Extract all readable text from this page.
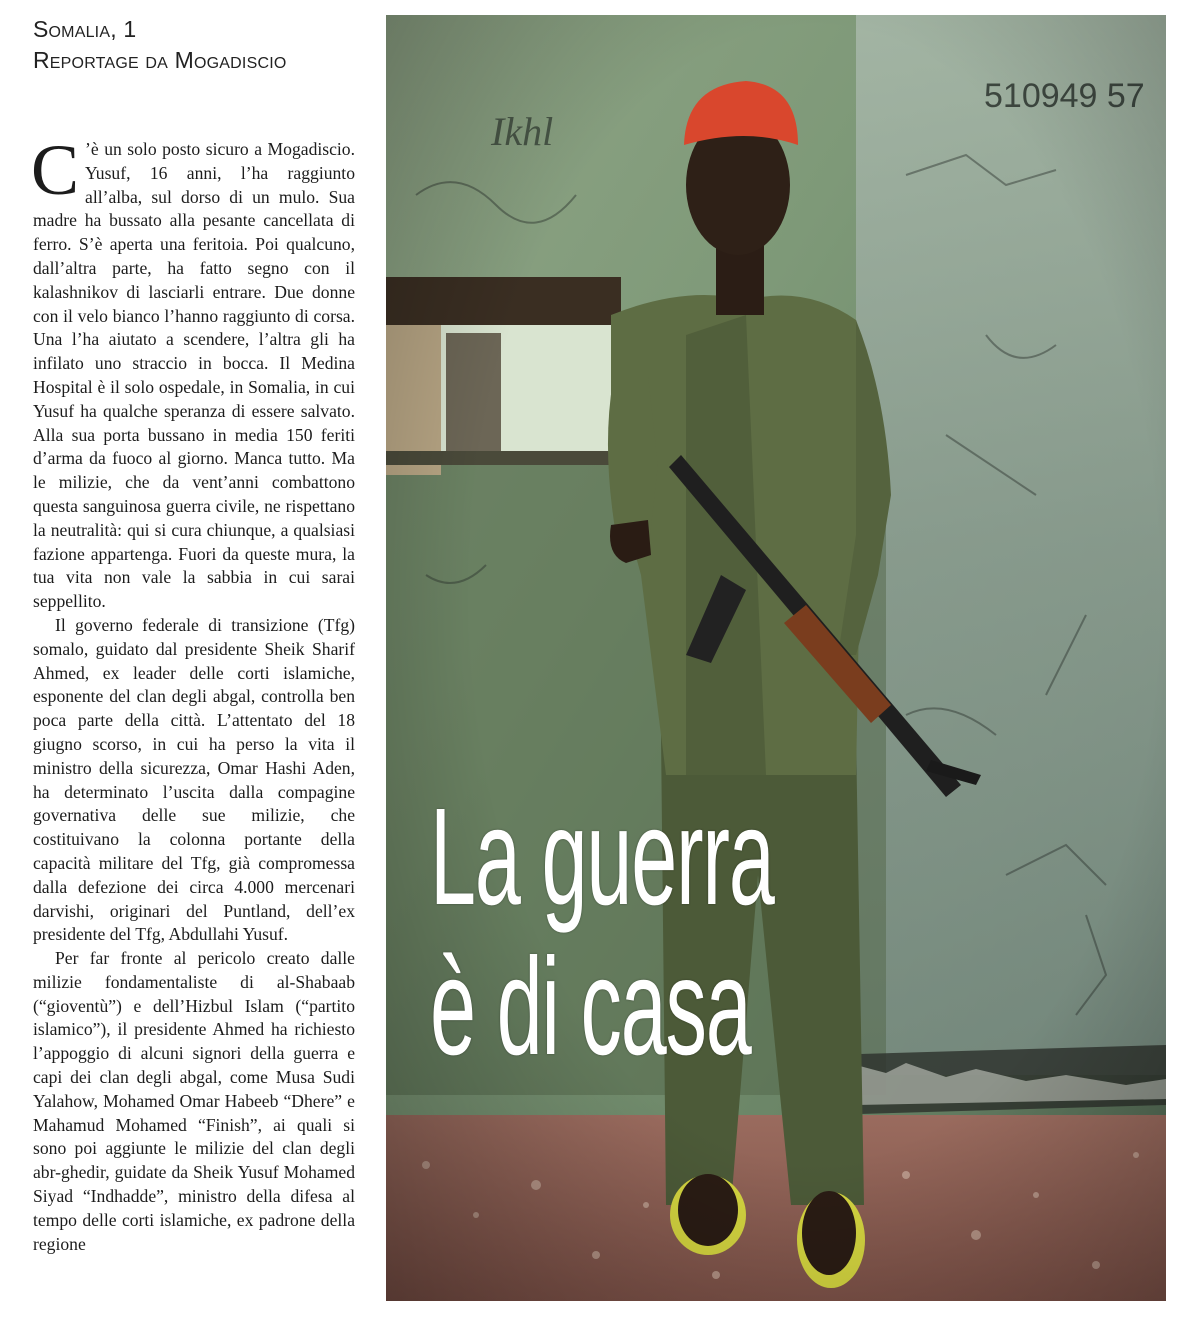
Somalia, 1
Reportage da Mogadiscio

C ’è un solo posto sicuro a Mogadiscio. Yusuf, 16 anni, l’ha raggiunto all’alba, sul dorso di un mulo. Sua madre ha bussato alla pesante cancellata di ferro. S’è aperta una feritoia. Poi qualcuno, dall’altra parte, ha fatto segno con il kalashnikov di lasciarli entrare. Due donne con il velo bianco l’hanno raggiunto di corsa. Una l’ha aiutato a scendere, l’altra gli ha infilato uno straccio in bocca. Il Medina Hospital è il solo ospedale, in Somalia, in cui Yusuf ha qualche speranza di essere salvato. Alla sua porta bussano in media 150 feriti d’arma da fuoco al giorno. Manca tutto. Ma le milizie, che da vent’anni combattono questa sanguinosa guerra civile, ne rispettano la neutralità: qui si cura chiunque, a qualsiasi fazione appartenga. Fuori da queste mura, la tua vita non vale la sabbia in cui sarai seppellito.

Il governo federale di transizione (Tfg) somalo, guidato dal presidente Sheik Sharif Ahmed, ex leader delle corti islamiche, esponente del clan degli abgal, controlla ben poca parte della città. L’attentato del 18 giugno scorso, in cui ha perso la vita il ministro della sicurezza, Omar Hashi Aden, ha determinato l’uscita dalla compagine governativa delle sue milizie, che costituivano la colonna portante della capacità militare del Tfg, già compromessa dalla defezione dei circa 4.000 mercenari darvishi, originari del Puntland, dell’ex presidente del Tfg, Abdullahi Yusuf.

Per far fronte al pericolo creato dalle milizie fondamentaliste di al-Shabaab (“gioventù”) e dell’Hizbul Islam (“partito islamico”), il presidente Ahmed ha richiesto l’appoggio di alcuni signori della guerra e capi dei clan degli abgal, come Musa Sudi Yalahow, Mohamed Omar Habeeb “Dhere” e Mahamud Mohamed “Finish”, ai quali si sono poi aggiunte le milizie del clan degli abr-ghedir, guidate da Sheik Yusuf Mohamed Siyad “Indhadde”, ministro della difesa al tempo delle corti islamiche, ex padrone della regione

La guerra
è di casa
